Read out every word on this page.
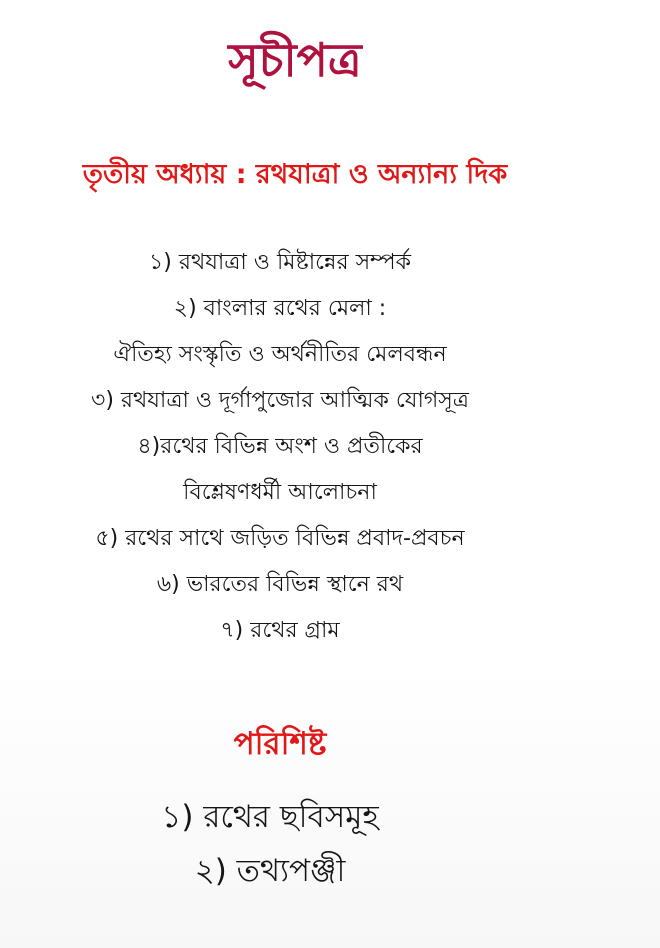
সূচীপত্র
তৃতীয় অধ্যায় : রথযাত্রা ও অন্যান্য দিক
১) রথযাত্রা ও মিষ্টান্নের সম্পর্ক
২) বাংলার রথের মেলা :
ঐতিহ্য সংস্কৃতি ও অর্থনীতির মেলবন্ধন
৩) রথযাত্রা ও দূর্গাপুজোর আত্মিক যোগসূত্র
৪)রথের বিভিন্ন অংশ ও প্রতীকের
বিশ্লেষণধর্মী আলোচনা
৫) রথের সাথে জড়িত বিভিন্ন প্রবাদ-প্রবচন
৬) ভারতের বিভিন্ন স্থানে রথ
৭) রথের গ্রাম
পরিশিষ্ট
১) রথের ছবিসমূহ
২) তথ্যপঞ্জী
